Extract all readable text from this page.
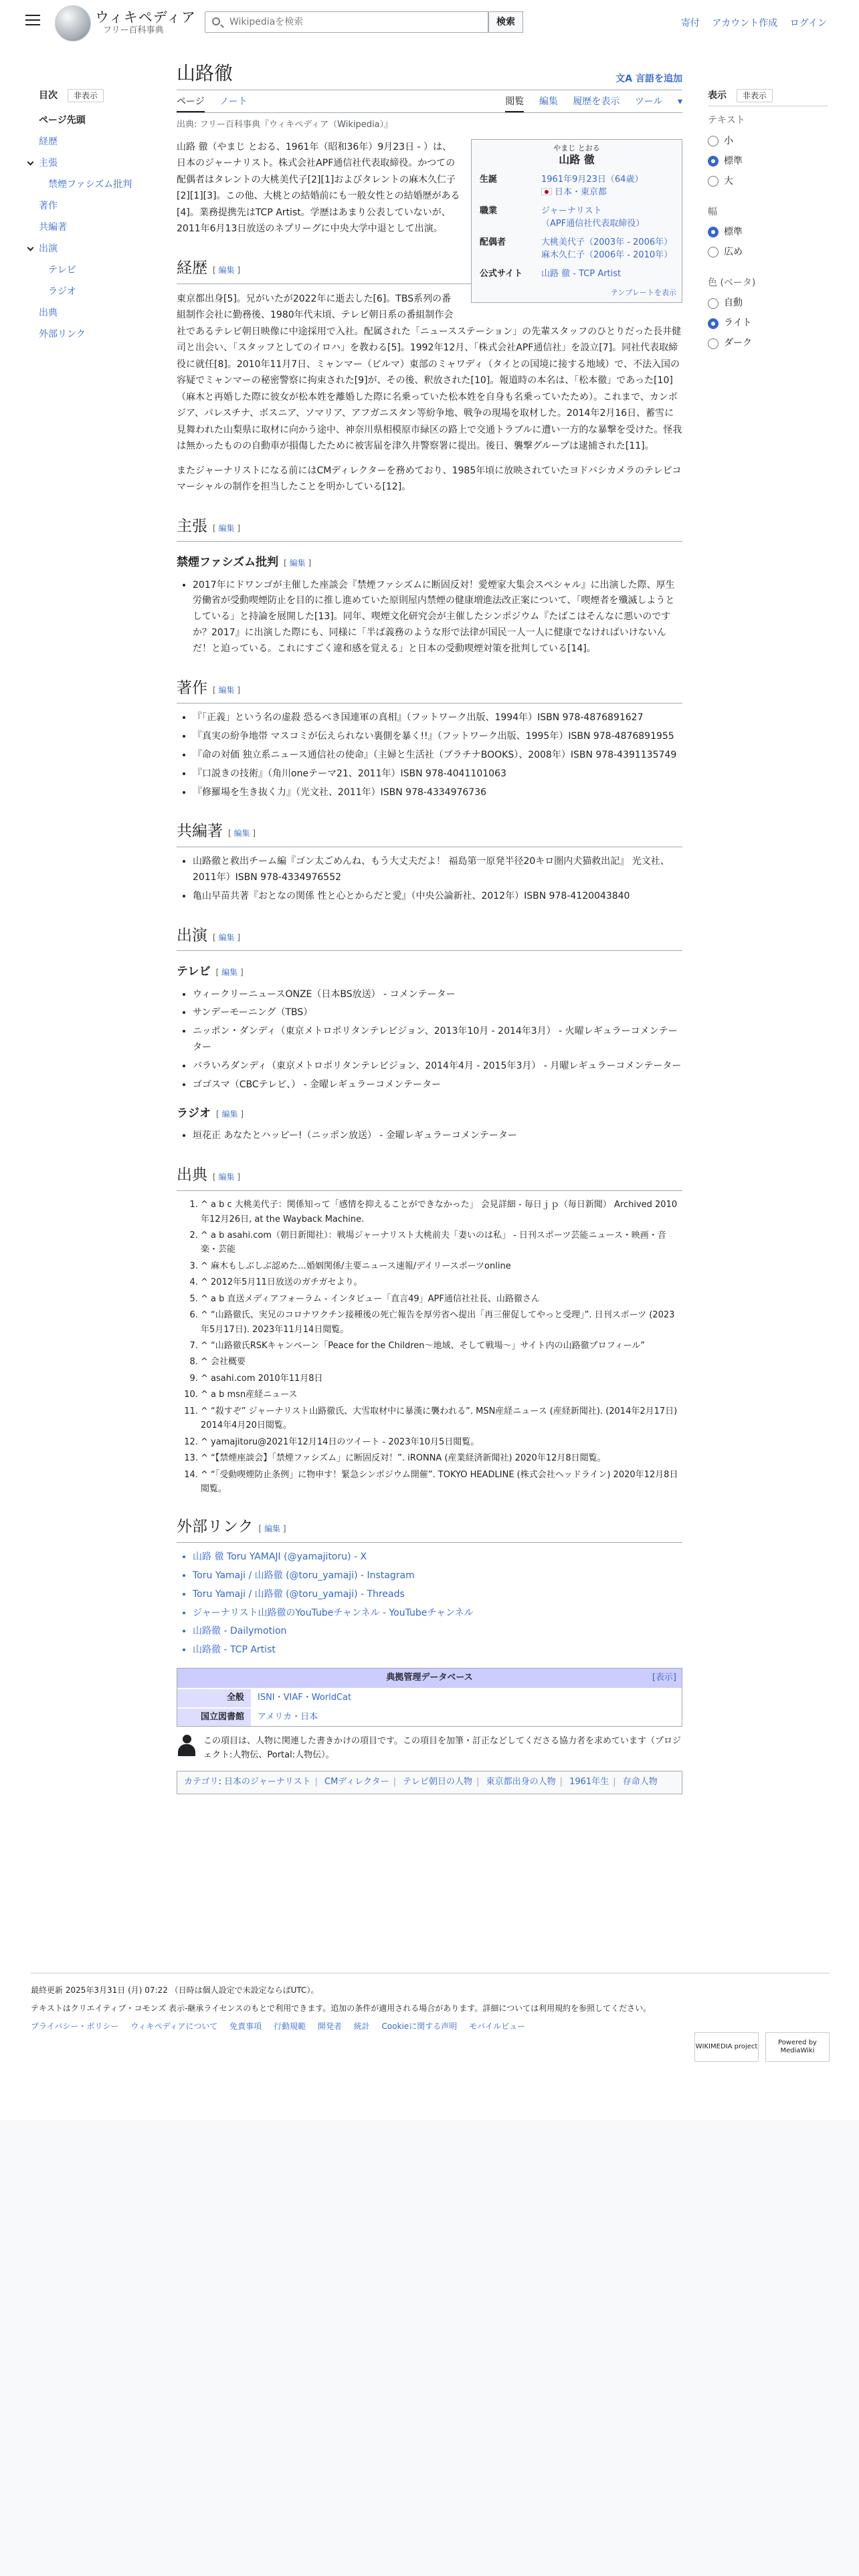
ウィキペディア
フリー百科事典
Wikipediaを検索
検索	寄付 アカウント作成 ログイン
目次 非表示
ページ先頭
経歴
主張
禁煙ファシズム批判
著作
共編著
出演
テレビ
ラジオ
出典
外部リンク
表示 非表示
テキスト
小
標準
大
幅
標準
広め
色 (ベータ)
自動
ライト
ダーク
山路徹	文A 言語を追加
ページ ノート	閲覧 編集 履歴を表示 ツール ▾
出典: フリー百科事典『ウィキペディア（Wikipedia）』
やまじ とおる
山路 徹
生誕	1961年9月23日（64歳）
日本・東京都

職業	ジャーナリスト
（APF通信社代表取締役）

配偶者	大桃美代子（2003年 - 2006年）
麻木久仁子（2006年 - 2010年）

公式サイト	山路 徹 - TCP Artist
テンプレートを表示

山路 徹（やまじ とおる、1961年（昭和36年）9月23日 - ）は、日本のジャーナリスト。株式会社APF通信社代表取締役。かつての配偶者はタレントの大桃美代子[2][1]およびタレントの麻木久仁子[2][1][3]。この他、大桃との結婚前にも一般女性との結婚歴がある[4]。業務提携先はTCP Artist。学歴はあまり公表していないが、2011年6月13日放送のネプリーグに中央大学中退として出演。

経歴 [ 編集 ]

東京都出身[5]。兄がいたが2022年に逝去した[6]。TBS系列の番組制作会社に勤務後、1980年代末頃、テレビ朝日系の番組制作会社であるテレビ朝日映像に中途採用で入社。配属された「ニュースステーション」の先輩スタッフのひとりだった長井健司と出会い、「スタッフとしてのイロハ」を教わる[5]。1992年12月、「株式会社APF通信社」を設立[7]。同社代表取締役に就任[8]。2010年11月7日、ミャンマー（ビルマ）東部のミャワディ（タイとの国境に接する地域）で、不法入国の容疑でミャンマーの秘密警察に拘束された[9]が、その後、釈放された[10]。報道時の本名は、「松本徹」であった[10]（麻木と再婚した際に彼女が松本姓を離婚した際に名乗っていた松本姓を自身も名乗っていたため）。これまで、カンボジア、パレスチナ、ボスニア、ソマリア、アフガニスタン等紛争地、戦争の現場を取材した。2014年2月16日、蓄雪に見舞われた山梨県に取材に向かう途中、神奈川県相模原市緑区の路上で交通トラブルに遭い一方的な暴撃を受けた。怪我は無かったものの自動車が損傷したために被害届を津久井警察署に提出。後日、襲撃グループは逮捕された[11]。

またジャーナリストになる前にはCMディレクターを務めており、1985年頃に放映されていたヨドバシカメラのテレビコマーシャルの制作を担当したことを明かしている[12]。

主張 [ 編集 ]
禁煙ファシズム批判 [ 編集 ]
• 2017年にドワンゴが主催した座談会『禁煙ファシズムに断固反対！愛煙家大集会スペシャル』に出演した際、厚生労働省が受動喫煙防止を目的に推し進めていた原則屋内禁煙の健康増進法改正案について、「喫煙者を殲滅しようとしている」と持論を展開した[13]。同年、喫煙文化研究会が主催したシンポジウム『たばこはそんなに悪いのですか？2017』に出演した際にも、同様に「半ば義務のような形で法律が国民一人一人に健康でなければいけないんだ！と迫っている。これにすごく違和感を覚える」と日本の受動喫煙対策を批判している[14]。
著作 [ 編集 ]
• 『「正義」という名の虚殺 恐るべき国連軍の真相』（フットワーク出版、1994年）ISBN 978-4876891627
• 『真実の紛争地帯 マスコミが伝えられない裏側を暴く!!』（フットワーク出版、1995年）ISBN 978-4876891955
• 『命の対価 独立系ニュース通信社の使命』（主婦と生活社（ブラチナBOOKS）、2008年）ISBN 978-4391135749
• 『口説きの技術』（角川oneテーマ21、2011年）ISBN 978-4041101063
• 『修羅場を生き抜く力』（光文社、2011年）ISBN 978-4334976736
共編著 [ 編集 ]
• 山路徹と救出チーム編『ゴン太ごめんね、もう大丈夫だよ！ 福島第一原発半径20キロ圏内犬猫救出記』 光文社、2011年）ISBN 978-4334976552
• 亀山早苗共著『おとなの関係 性と心とからだと愛』（中央公論新社、2012年）ISBN 978-4120043840
出演 [ 編集 ]
テレビ [ 編集 ]
• ウィークリーニュースONZE（日本BS放送） - コメンテーター
• サンデーモーニング（TBS）
• ニッポン・ダンディ（東京メトロポリタンテレビジョン、2013年10月 - 2014年3月） - 火曜レギュラーコメンテーター
• バラいろダンディ（東京メトロポリタンテレビジョン、2014年4月 - 2015年3月） - 月曜レギュラーコメンテーター
• ゴゴスマ（CBCテレビ、） - 金曜レギュラーコメンテーター
ラジオ [ 編集 ]
• 垣花正 あなたとハッピー!（ニッポン放送） - 金曜レギュラーコメンテーター
出典 [ 編集 ]
1. ^ a b c 大桃美代子：関係知って「感情を抑えることができなかった」 会見詳細 - 毎日ｊｐ（毎日新聞） Archived 2010年12月26日, at the Wayback Machine.
2. ^ a b asahi.com（朝日新聞社）：戦場ジャーナリスト大桃前夫「妻いのは私」 - 日刊スポーツ芸能ニュース・映画・音楽・芸能
3. ^ 麻木もしぶしぶ認めた…婚姻関係/主要ニュース速報/デイリースポーツonline
4. ^ 2012年5月11日放送のガチガセより。
5. ^ a b 直送メディアフォーラム - インタビュー「直言49」APF通信社社長、山路徹さん
6. ^ “山路徹氏、実兄のコロナワクチン接種後の死亡報告を厚労省へ提出「再三催促してやっと受理」”. 日刊スポーツ (2023年5月17日). 2023年11月14日閲覧。
7. ^ “山路徹氏RSKキャンペーン「Peace for the Children〜地域、そして戦場〜」サイト内の山路徹プロフィール”
8. ^ 会社概要
9. ^ asahi.com 2010年11月8日
10. ^ a b msn産経ニュース
11. ^ “殺すぞ” ジャーナリスト山路徹氏、大雪取材中に暴漢に襲われる”. MSN産経ニュース (産経新聞社). (2014年2月17日) 2014年4月20日閲覧。
12. ^ yamajitoru@2021年12月14日のツイート - 2023年10月5日閲覧。
13. ^ “【禁煙座談会】「禁煙ファシズム」に断固反対！”. iRONNA (産業経済新聞社) 2020年12月8日閲覧。
14. ^ “「受動喫煙防止条例」に物申す！緊急シンポジウム開催”. TOKYO HEADLINE (株式会社ヘッドライン) 2020年12月8日閲覧。
外部リンク [ 編集 ]
• 山路 徹 Toru YAMAJI (@yamajitoru) - X
• Toru Yamaji / 山路徹 (@toru_yamaji) - Instagram
• Toru Yamaji / 山路徹 (@toru_yamaji) - Threads
• ジャーナリスト山路徹のYouTubeチャンネル - YouTubeチャンネル
• 山路徹 - Dailymotion
• 山路徹 - TCP Artist
典拠管理データベース	[表示]
全般	ISNI・VIAF・WorldCat
国立図書館	アメリカ・日本
この項目は、人物に関連した書きかけの項目です。この項目を加筆・訂正などしてくださる協力者を求めています（プロジェクト:人物伝、Portal:人物伝）。
カテゴリ: 日本のジャーナリスト | CMディレクター | テレビ朝日の人物 | 東京都出身の人物 | 1961年生 | 存命人物

最終更新 2025年3月31日 (月) 07:22 （日時は個人設定で未設定ならばUTC）。

テキストはクリエイティブ・コモンズ 表示-継承ライセンスのもとで利用できます。追加の条件が適用される場合があります。詳細については利用規約を参照してください。

プライバシー・ポリシー ウィキペディアについて 免責事項 行動規範 開発者 統計 Cookieに関する声明 モバイルビュー
WIKIMEDIA project
Powered by MediaWiki
